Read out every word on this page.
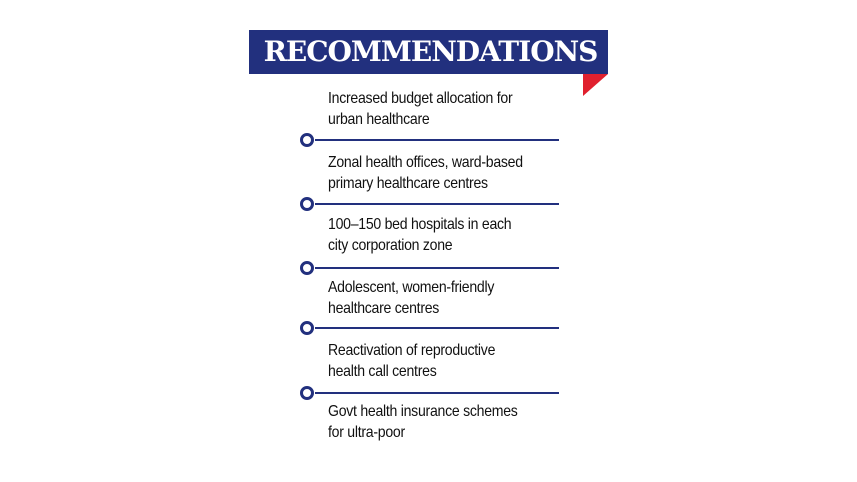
RECOMMENDATIONS
Increased budget allocation for
urban healthcare
Zonal health offices, ward-based
primary healthcare centres
100–150 bed hospitals in each
city corporation zone
Adolescent, women-friendly
healthcare centres
Reactivation of reproductive
health call centres
Govt health insurance schemes
for ultra-poor
